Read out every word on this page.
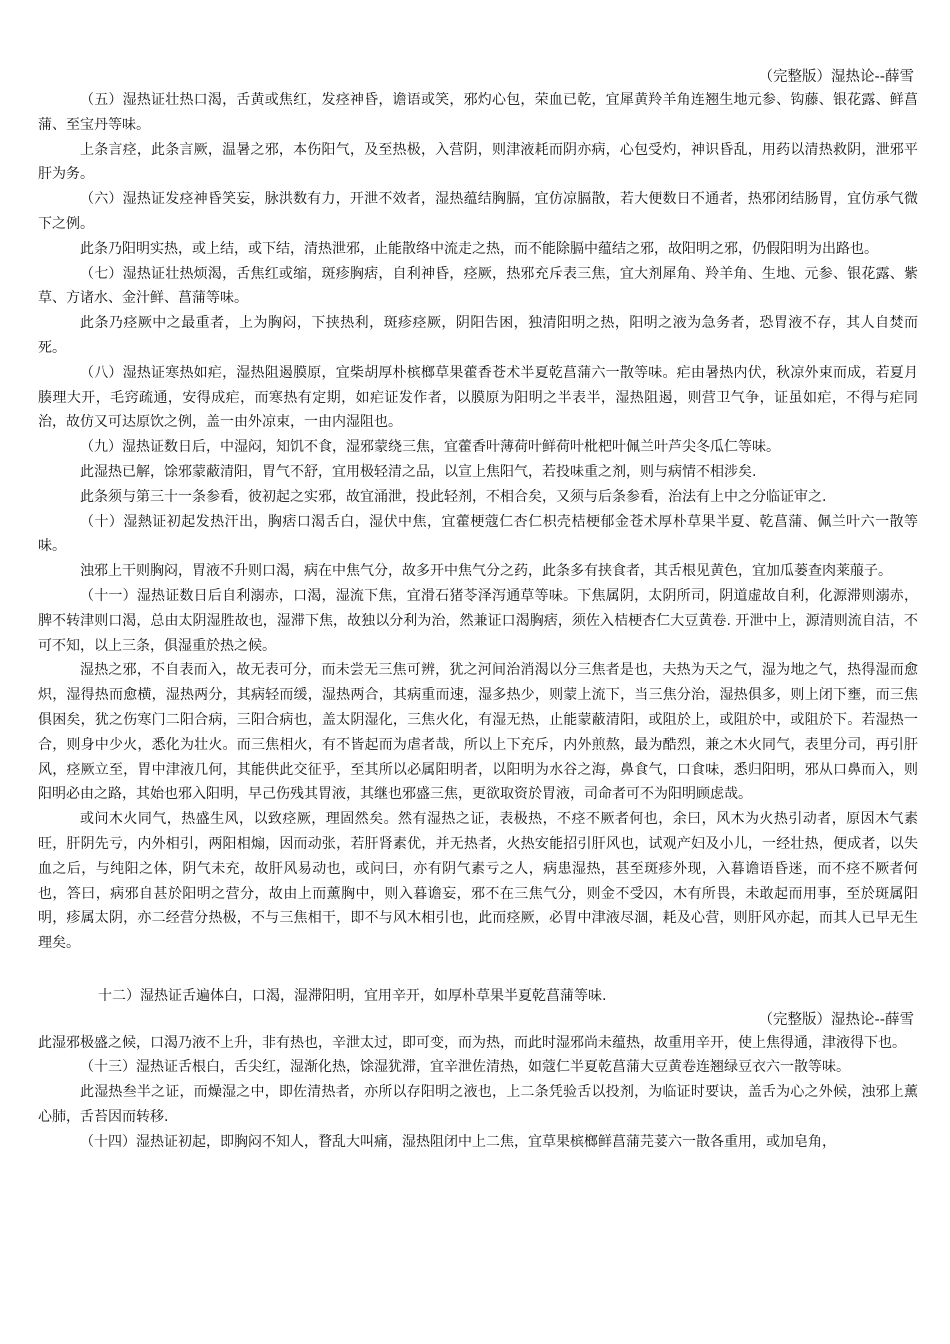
（完整版）湿热论--薛雪

（五）湿热证壮热口渴，舌黄或焦红，发痉神昏，谵语或笑，邪灼心包，荣血已乾，宜犀黄羚羊角连翘生地元参、钩藤、银花露、鲜菖蒲、至宝丹等味。

上条言痉，此条言厥，温暑之邪，本伤阳气，及至热极，入营阴，则津液耗而阴亦病，心包受灼，神识昏乱，用药以清热救阴，泄邪平肝为务。

（六）湿热证发痉神昏笑妄，脉洪数有力，开泄不效者，湿热蕴结胸膈，宜仿凉膈散，若大便数日不通者，热邪闭结肠胃，宜仿承气微下之例。

此条乃阳明实热，或上结，或下结，清热泄邪，止能散络中流走之热，而不能除膈中蕴结之邪，故阳明之邪，仍假阳明为出路也。

（七）湿热证壮热烦渴，舌焦红或缩，斑疹胸痞，自利神昏，痉厥，热邪充斥表三焦，宜大剂犀角、羚羊角、生地、元参、银花露、紫草、方诸水、金汁鲜、菖蒲等味。

此条乃痉厥中之最重者，上为胸闷，下挟热利，斑疹痉厥，阴阳告困，独清阳明之热，阳明之液为急务者，恐胃液不存，其人自焚而死。

（八）湿热证寒热如疟，湿热阻遏膜原，宜柴胡厚朴槟榔草果藿香苍术半夏乾菖蒲六一散等味。疟由暑热内伏，秋凉外束而成，若夏月腠理大开，毛窍疏通，安得成疟，而寒热有定期，如疟证发作者，以膜原为阳明之半表半，湿热阻遏，则营卫气争，证虽如疟，不得与疟同治，故仿又可达原饮之例，盖一由外凉束，一由内湿阻也。

（九）湿热证数日后，中湿闷，知饥不食，湿邪蒙绕三焦，宜藿香叶薄荷叶鲜荷叶枇杷叶佩兰叶芦尖冬瓜仁等味。

此湿热已解，馀邪蒙蔽清阳，胃气不舒，宜用极轻清之品，以宣上焦阳气，若投味重之剂，则与病情不相涉矣.

此条须与第三十一条参看，彼初起之实邪，故宜涌泄，投此轻剂，不相合矣，又须与后条参看，治法有上中之分临证审之.

（十）湿熱证初起发热汗出，胸痞口渴舌白，湿伏中焦，宜藿梗蔻仁杏仁枳壳桔梗郁金苍术厚朴草果半夏、乾菖蒲、佩兰叶六一散等味。

浊邪上干则胸闷，胃液不升则口渴，病在中焦气分，故多开中焦气分之药，此条多有挟食者，其舌根见黄色，宜加瓜蒌查肉莱菔子。

（十一）湿热证数日后自利溺赤，口渴，湿流下焦，宜滑石猪苓泽泻通草等味。下焦属阴，太阴所司，阴道虚故自利，化源滞则溺赤，脾不转津则口渴，总由太阴湿胜故也，湿滞下焦，故独以分利为治，然兼证口渴胸痞，须佐入桔梗杏仁大豆黄卷. 开泄中上，源清则流自洁，不可不知，以上三条，俱湿重於热之候。

湿热之邪，不自表而入，故无表可分，而未尝无三焦可辨，犹之河间治消渴以分三焦者是也，夫热为天之气，湿为地之气，热得湿而愈炽，湿得热而愈横，湿热两分，其病轻而缓，湿热两合，其病重而速，湿多热少，则蒙上流下，当三焦分治，湿热俱多，则上闭下壅，而三焦俱困矣，犹之伤寒门二阳合病，三阳合病也，盖太阴湿化，三焦火化，有湿无热，止能蒙蔽清阳，或阻於上，或阻於中，或阻於下。若湿热一合，则身中少火，悉化为壮火。而三焦相火，有不皆起而为虐者哉，所以上下充斥，内外煎熬，最为酷烈，兼之木火同气，表里分司，再引肝风，痉厥立至，胃中津液几何，其能供此交征乎，至其所以必属阳明者，以阳明为水谷之海，鼻食气，口食味，悉归阳明，邪从口鼻而入，则阳明必由之路，其始也邪入阳明，早己伤残其胃液，其继也邪盛三焦，更欲取资於胃液，司命者可不为阳明顾虑哉。

或问木火同气，热盛生风，以致痉厥，理固然矣。然有湿热之证，表极热，不痉不厥者何也，余曰，风木为火热引动者，原因木气素旺，肝阴先亏，内外相引，两阳相煽，因而动张，若肝肾素优，并无热者，火热安能招引肝风也，试观产妇及小儿，一经壮热，便成者，以失血之后，与纯阳之体，阴气未充，故肝风易动也，或问曰，亦有阴气素亏之人，病患湿热，甚至斑疹外现，入暮谵语昏迷，而不痉不厥者何也，答曰，病邪自甚於阳明之营分，故由上而薰胸中，则入暮谵妄，邪不在三焦气分，则金不受囚，木有所畏，未敢起而用事，至於斑属阳明，疹属太阴，亦二经营分热极，不与三焦相干，即不与风木相引也，此而痉厥，必胃中津液尽涸，耗及心营，则肝风亦起，而其人已早无生理矣。

十二）湿热证舌遍体白，口渴，湿滞阳明，宜用辛开，如厚朴草果半夏乾菖蒲等味.

（完整版）湿热论--薛雪

此湿邪极盛之候，口渴乃液不上升，非有热也，辛泄太过，即可变，而为热，而此时湿邪尚未蕴热，故重用辛开，使上焦得通，津液得下也。

（十三）湿热证舌根白，舌尖红，湿渐化热，馀湿犹滞，宜辛泄佐清热，如蔻仁半夏乾菖蒲大豆黄卷连翘绿豆衣六一散等味。

此湿热叁半之证，而燥湿之中，即佐清热者，亦所以存阳明之液也，上二条凭验舌以投剂，为临证时要诀，盖舌为心之外候，浊邪上薰心肺，舌苔因而转移.

（十四）湿热证初起，即胸闷不知人，瞀乱大叫痛，湿热阻闭中上二焦，宜草果槟榔鲜菖蒲芫荽六一散各重用，或加皂角，
